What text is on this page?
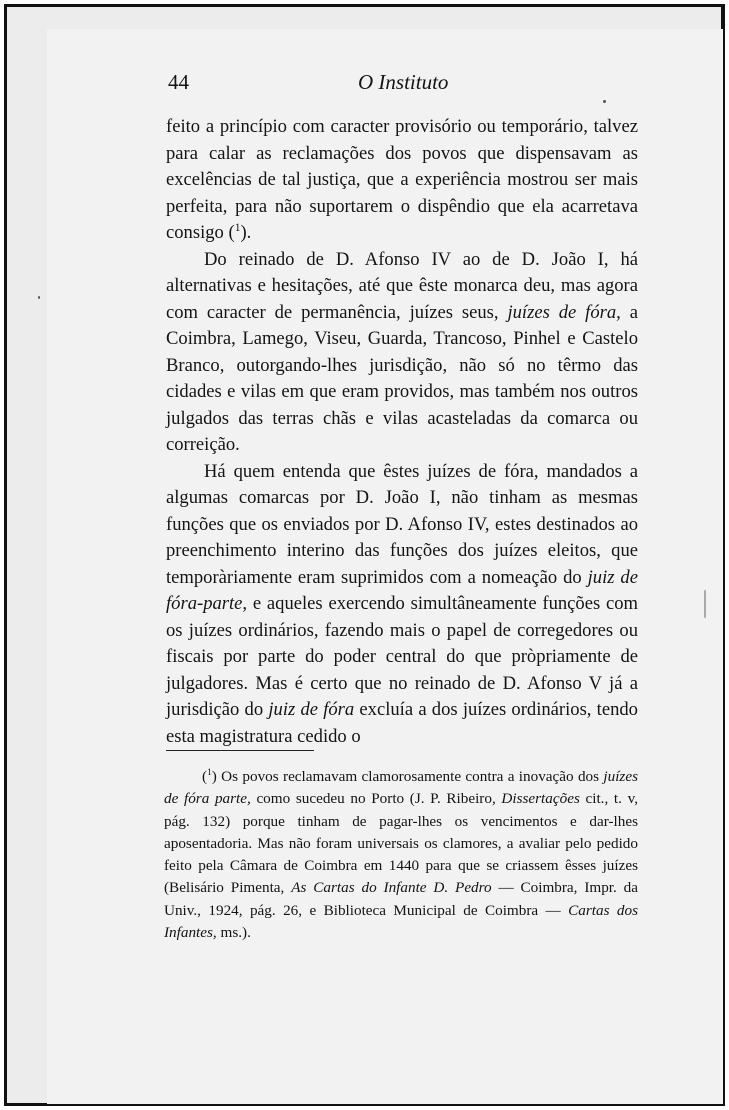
44	O Instituto

feito a princípio com caracter provisório ou temporário, talvez para calar as reclamações dos povos que dispensavam as excelências de tal justiça, que a experiência mostrou ser mais perfeita, para não suportarem o dispêndio que ela acarretava consigo ($^1$).

Do reinado de D. Afonso IV ao de D. João I, há alternativas e hesitações, até que êste monarca deu, mas agora com caracter de permanência, juízes seus, juízes de fóra, a Coimbra, Lamego, Viseu, Guarda, Trancoso, Pinhel e Castelo Branco, outorgando-lhes jurisdição, não só no têrmo das cidades e vilas em que eram providos, mas também nos outros julgados das terras chãs e vilas acasteladas da comarca ou correição.

Há quem entenda que êstes juízes de fóra, mandados a algumas comarcas por D. João I, não tinham as mesmas funções que os enviados por D. Afonso IV, estes destinados ao preenchimento interino das funções dos juízes eleitos, que temporàriamente eram suprimidos com a nomeação do juiz de fóra-parte, e aqueles exercendo simultâneamente funções com os juízes ordinários, fazendo mais o papel de corregedores ou fiscais por parte do poder central do que pròpriamente de julgadores. Mas é certo que no reinado de D. Afonso V já a jurisdição do juiz de fóra excluía a dos juízes ordinários, tendo esta magistratura cedido o

($^1$) Os povos reclamavam clamorosamente contra a inovação dos juízes de fóra parte, como sucedeu no Porto (J. P. Ribeiro, Dissertações cit., t. v, pág. 132) porque tinham de pagar-lhes os vencimentos e dar-lhes aposentadoria. Mas não foram universais os clamores, a avaliar pelo pedido feito pela Câmara de Coimbra em 1440 para que se criassem êsses juízes (Belisário Pimenta, As Cartas do Infante D. Pedro — Coimbra, Impr. da Univ., 1924, pág. 26, e Biblioteca Municipal de Coimbra — Cartas dos Infantes, ms.).
